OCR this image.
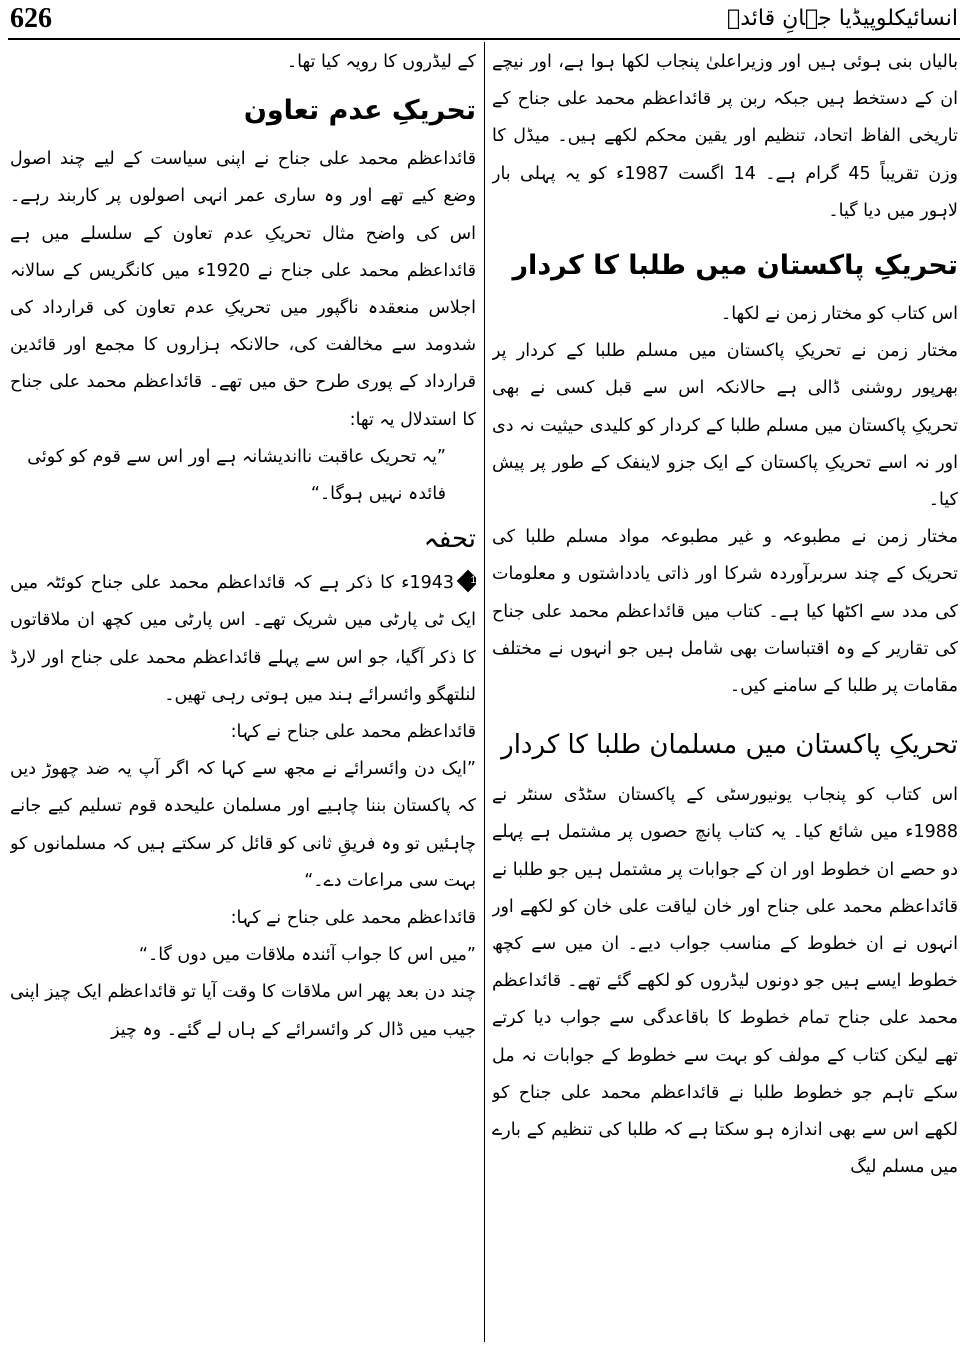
626	انسائیکلوپیڈیا جہانِ قائدؒ

بالیاں بنی ہوئی ہیں اور وزیراعلیٰ پنجاب لکھا ہوا ہے، اور نیچے ان کے دستخط ہیں جبکہ ربن پر قائداعظم محمد علی جناح کے تاریخی الفاظ اتحاد، تنظیم اور یقین محکم لکھے ہیں۔ میڈل کا وزن تقریباً 45 گرام ہے۔ 14 اگست 1987ء کو یہ پہلی بار لاہور میں دیا گیا۔

تحریکِ پاکستان میں طلبا کا کردار

اس کتاب کو مختار زمن نے لکھا۔

مختار زمن نے تحریکِ پاکستان میں مسلم طلبا کے کردار پر بھرپور روشنی ڈالی ہے حالانکہ اس سے قبل کسی نے بھی تحریکِ پاکستان میں مسلم طلبا کے کردار کو کلیدی حیثیت نہ دی اور نہ اسے تحریکِ پاکستان کے ایک جزو لاینفک کے طور پر پیش کیا۔

مختار زمن نے مطبوعہ و غیر مطبوعہ مواد مسلم طلبا کی تحریک کے چند سربرآوردہ شرکا اور ذاتی یادداشتوں و معلومات کی مدد سے اکٹھا کیا ہے۔ کتاب میں قائداعظم محمد علی جناح کی تقاریر کے وہ اقتباسات بھی شامل ہیں جو انہوں نے مختلف مقامات پر طلبا کے سامنے کیں۔

تحریکِ پاکستان میں مسلمان طلبا کا کردار

اس کتاب کو پنجاب یونیورسٹی کے پاکستان سٹڈی سنٹر نے 1988ء میں شائع کیا۔ یہ کتاب پانچ حصوں پر مشتمل ہے پہلے دو حصے ان خطوط اور ان کے جوابات پر مشتمل ہیں جو طلبا نے قائداعظم محمد علی جناح اور خان لیاقت علی خان کو لکھے اور انہوں نے ان خطوط کے مناسب جواب دیے۔ ان میں سے کچھ خطوط ایسے ہیں جو دونوں لیڈروں کو لکھے گئے تھے۔ قائداعظم محمد علی جناح تمام خطوط کا باقاعدگی سے جواب دیا کرتے تھے لیکن کتاب کے مولف کو بہت سے خطوط کے جوابات نہ مل سکے تاہم جو خطوط طلبا نے قائداعظم محمد علی جناح کو لکھے اس سے بھی اندازہ ہو سکتا ہے کہ طلبا کی تنظیم کے بارے میں مسلم لیگ

کے لیڈروں کا رویہ کیا تھا۔

تحریکِ عدم تعاون

قائداعظم محمد علی جناح نے اپنی سیاست کے لیے چند اصول وضع کیے تھے اور وہ ساری عمر انہی اصولوں پر کاربند رہے۔ اس کی واضح مثال تحریکِ عدم تعاون کے سلسلے میں ہے قائداعظم محمد علی جناح نے 1920ء میں کانگریس کے سالانہ اجلاس منعقدہ ناگپور میں تحریکِ عدم تعاون کی قرارداد کی شدومد سے مخالفت کی، حالانکہ ہزاروں کا مجمع اور قائدین قرارداد کے پوری طرح حق میں تھے۔ قائداعظم محمد علی جناح کا استدلال یہ تھا:

”یہ تحریک عاقبت نااندیشانہ ہے اور اس سے قوم کو کوئی فائدہ نہیں ہوگا۔“

تحفہ

1
1943ء کا ذکر ہے کہ قائداعظم محمد علی جناح کوئٹہ میں ایک ٹی پارٹی میں شریک تھے۔ اس پارٹی میں کچھ ان ملاقاتوں کا ذکر آگیا، جو اس سے پہلے قائداعظم محمد علی جناح اور لارڈ لنلتھگو وائسرائے ہند میں ہوتی رہی تھیں۔

قائداعظم محمد علی جناح نے کہا:

”ایک دن وائسرائے نے مجھ سے کہا کہ اگر آپ یہ ضد چھوڑ دیں کہ پاکستان بننا چاہیے اور مسلمان علیحدہ قوم تسلیم کیے جانے چاہئیں تو وہ فریقِ ثانی کو قائل کر سکتے ہیں کہ مسلمانوں کو بہت سی مراعات دے۔“

قائداعظم محمد علی جناح نے کہا:

”میں اس کا جواب آئندہ ملاقات میں دوں گا۔“

چند دن بعد پھر اس ملاقات کا وقت آیا تو قائداعظم ایک چیز اپنی جیب میں ڈال کر وائسرائے کے ہاں لے گئے۔ وہ چیز
